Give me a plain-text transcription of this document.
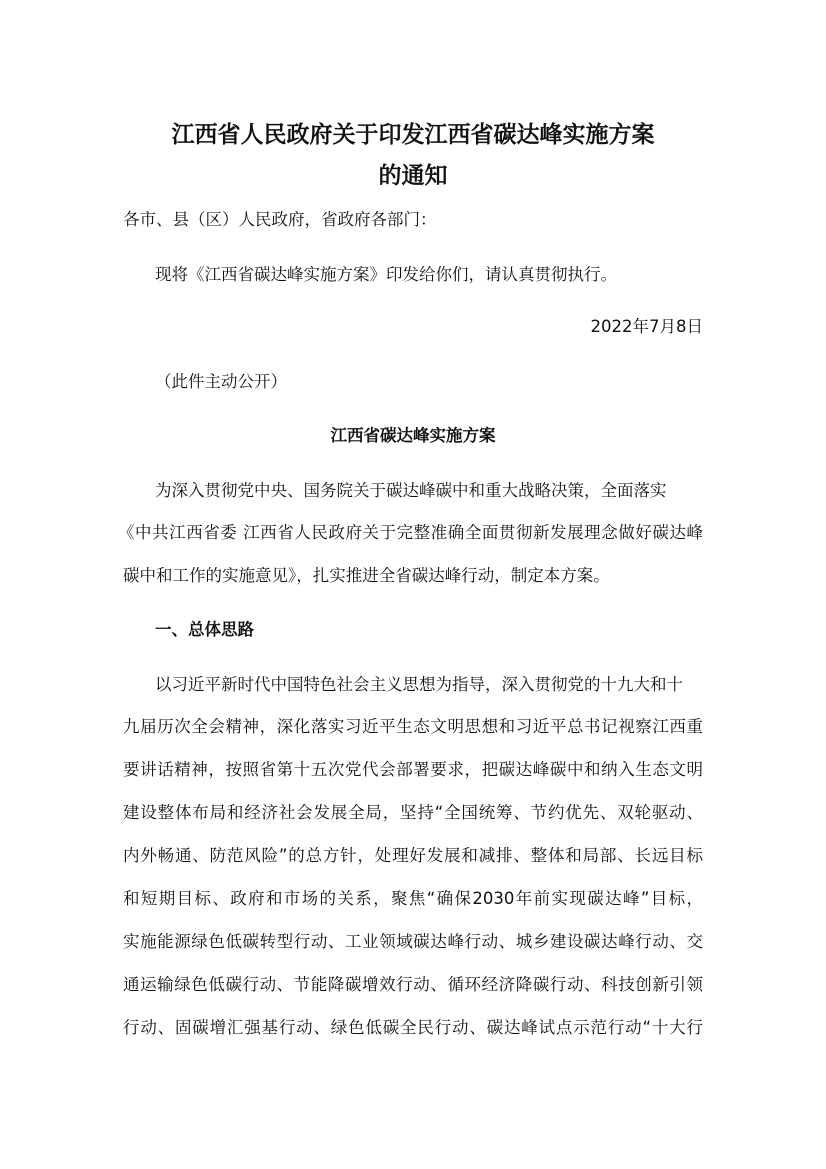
江西省人民政府关于印发江西省碳达峰实施方案
的通知

各市、县（区）人民政府，省政府各部门：

现将《江西省碳达峰实施方案》印发给你们，请认真贯彻执行。

2022年7月8日

（此件主动公开）

江西省碳达峰实施方案

为深入贯彻党中央、国务院关于碳达峰碳中和重大战略决策，全面落实

《中共江西省委 江西省人民政府关于完整准确全面贯彻新发展理念做好碳达峰

碳中和工作的实施意见》，扎实推进全省碳达峰行动，制定本方案。

一、总体思路

以习近平新时代中国特色社会主义思想为指导，深入贯彻党的十九大和十

九届历次全会精神，深化落实习近平生态文明思想和习近平总书记视察江西重

要讲话精神，按照省第十五次党代会部署要求，把碳达峰碳中和纳入生态文明

建设整体布局和经济社会发展全局，坚持“全国统筹、节约优先、双轮驱动、

内外畅通、防范风险”的总方针，处理好发展和减排、整体和局部、长远目标

和短期目标、政府和市场的关系，聚焦“确保2030年前实现碳达峰”目标，

实施能源绿色低碳转型行动、工业领域碳达峰行动、城乡建设碳达峰行动、交

通运输绿色低碳行动、节能降碳增效行动、循环经济降碳行动、科技创新引领

行动、固碳增汇强基行动、绿色低碳全民行动、碳达峰试点示范行动“十大行
